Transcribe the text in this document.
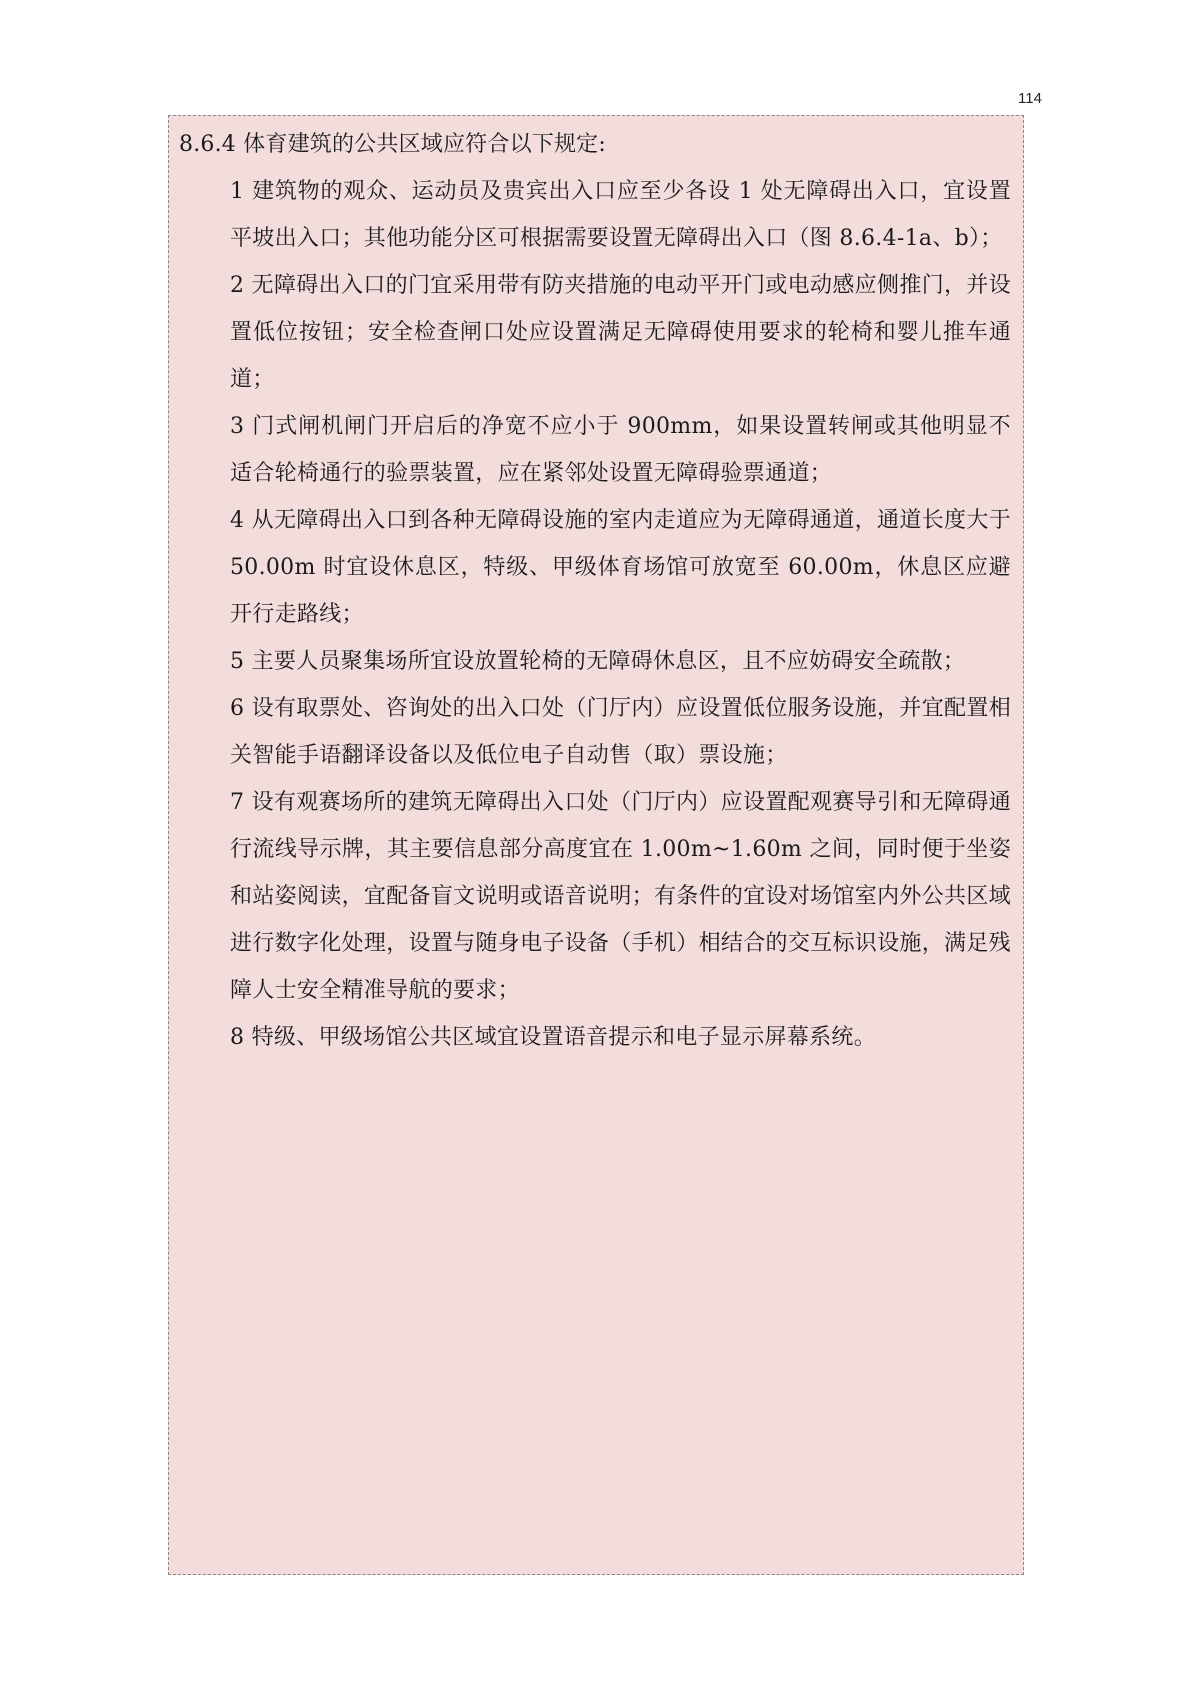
114

8.6.4 体育建筑的公共区域应符合以下规定:

1 建筑物的观众、运动员及贵宾出入口应至少各设 1 处无障碍出入口，宜设置平坡出入口；其他功能分区可根据需要设置无障碍出入口（图 8.6.4-1a、b）；
2 无障碍出入口的门宜采用带有防夹措施的电动平开门或电动感应侧推门，并设置低位按钮；安全检查闸口处应设置满足无障碍使用要求的轮椅和婴儿推车通道；
3 门式闸机闸门开启后的净宽不应小于 900mm，如果设置转闸或其他明显不适合轮椅通行的验票装置，应在紧邻处设置无障碍验票通道；
4 从无障碍出入口到各种无障碍设施的室内走道应为无障碍通道，通道长度大于 50.00m 时宜设休息区，特级、甲级体育场馆可放宽至 60.00m，休息区应避开行走路线；
5 主要人员聚集场所宜设放置轮椅的无障碍休息区，且不应妨碍安全疏散；
6 设有取票处、咨询处的出入口处（门厅内）应设置低位服务设施，并宜配置相关智能手语翻译设备以及低位电子自动售（取）票设施；
7 设有观赛场所的建筑无障碍出入口处（门厅内）应设置配观赛导引和无障碍通行流线导示牌，其主要信息部分高度宜在 1.00m~1.60m 之间，同时便于坐姿和站姿阅读，宜配备盲文说明或语音说明；有条件的宜设对场馆室内外公共区域进行数字化处理，设置与随身电子设备（手机）相结合的交互标识设施，满足残障人士安全精准导航的要求；
8 特级、甲级场馆公共区域宜设置语音提示和电子显示屏幕系统。
